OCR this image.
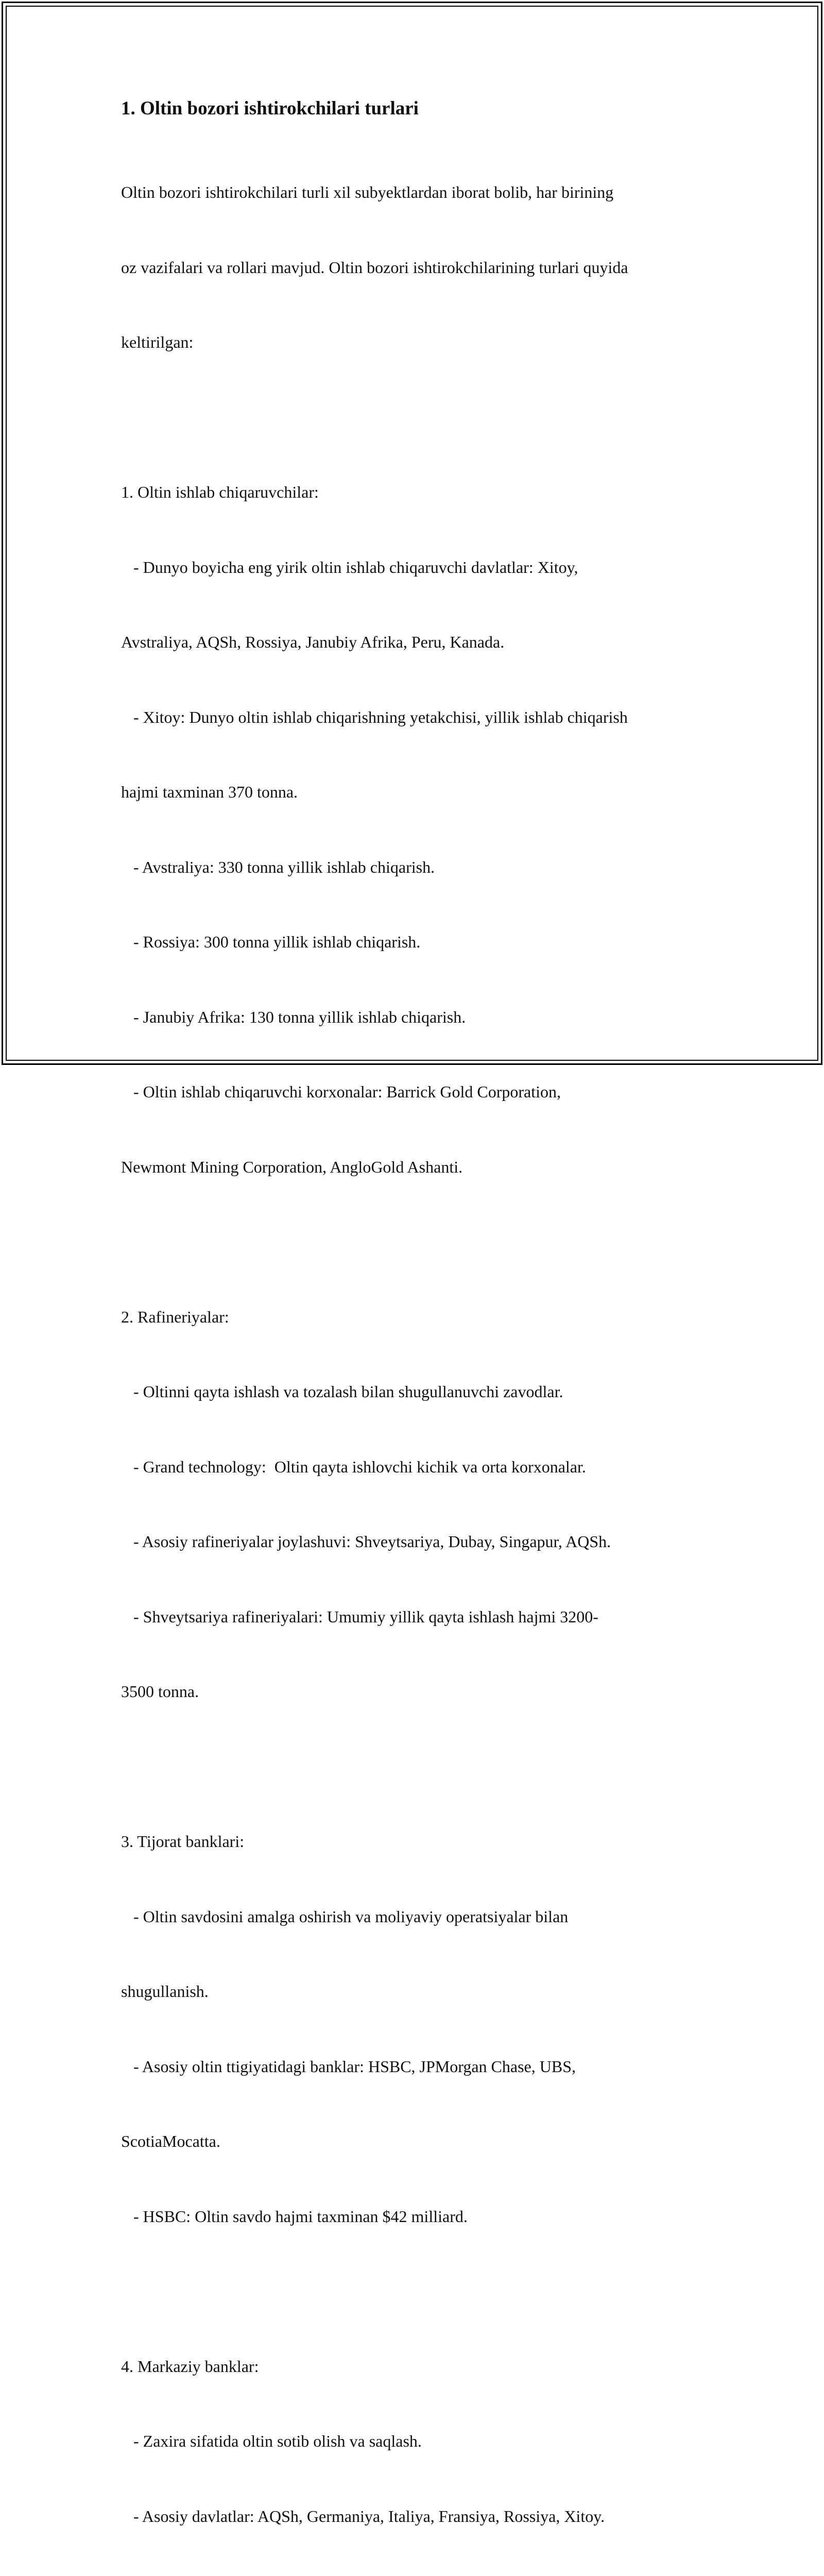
1. Oltin bozori ishtirokchilari turlari

Oltin bozori ishtirokchilari turli xil subyektlardan iborat bolib, har birining

oz vazifalari va rollari mavjud. Oltin bozori ishtirokchilarining turlari quyida

keltirilgan:

1. Oltin ishlab chiqaruvchilar:

- Dunyo boyicha eng yirik oltin ishlab chiqaruvchi davlatlar: Xitoy,

Avstraliya, AQSh, Rossiya, Janubiy Afrika, Peru, Kanada.

- Xitoy: Dunyo oltin ishlab chiqarishning yetakchisi, yillik ishlab chiqarish

hajmi taxminan 370 tonna.

- Avstraliya: 330 tonna yillik ishlab chiqarish.

- Rossiya: 300 tonna yillik ishlab chiqarish.

- Janubiy Afrika: 130 tonna yillik ishlab chiqarish.

- Oltin ishlab chiqaruvchi korxonalar: Barrick Gold Corporation,

Newmont Mining Corporation, AngloGold Ashanti.

2. Rafineriyalar:

- Oltinni qayta ishlash va tozalash bilan shugullanuvchi zavodlar.

- Grand technology:  Oltin qayta ishlovchi kichik va orta korxonalar.

- Asosiy rafineriyalar joylashuvi: Shveytsariya, Dubay, Singapur, AQSh.

- Shveytsariya rafineriyalari: Umumiy yillik qayta ishlash hajmi 3200-

3500 tonna.

3. Tijorat banklari:

- Oltin savdosini amalga oshirish va moliyaviy operatsiyalar bilan

shugullanish.

- Asosiy oltin ttigiyatidagi banklar: HSBC, JPMorgan Chase, UBS,

ScotiaMocatta.

- HSBC: Oltin savdo hajmi taxminan $42 milliard.

4. Markaziy banklar:

- Zaxira sifatida oltin sotib olish va saqlash.

- Asosiy davlatlar: AQSh, Germaniya, Italiya, Fransiya, Rossiya, Xitoy.
